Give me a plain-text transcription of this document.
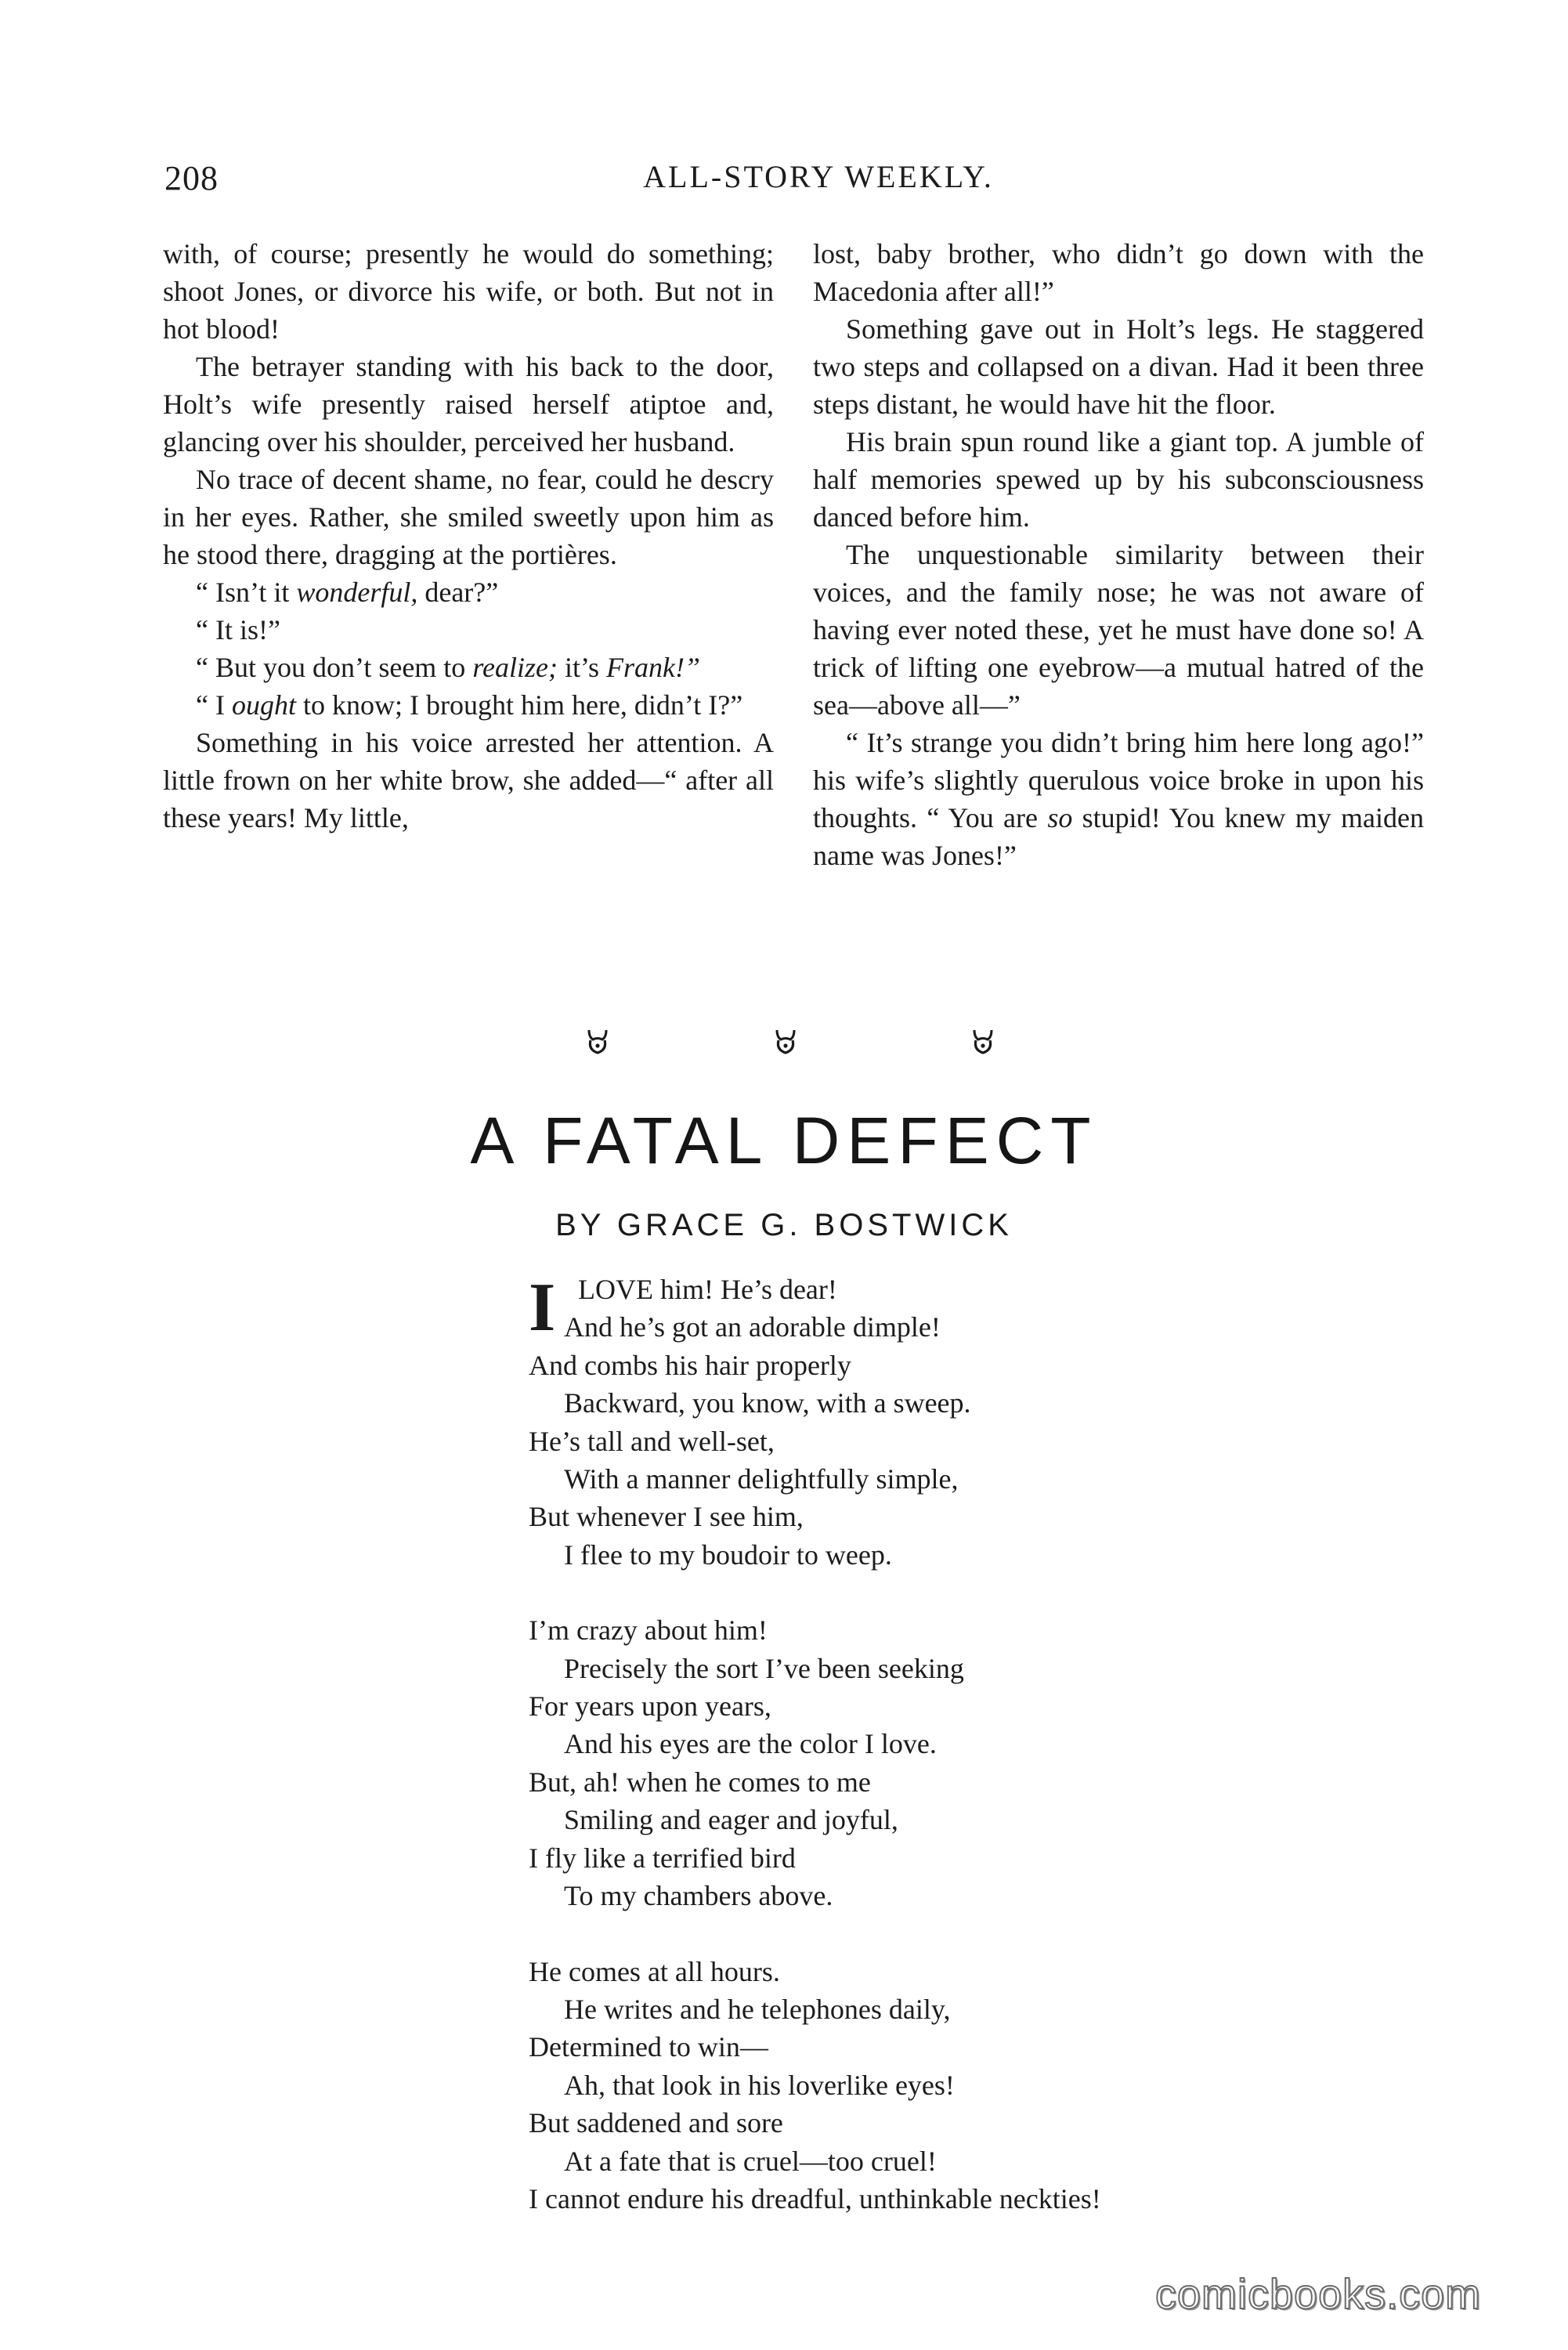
208	ALL-STORY WEEKLY.

with, of course; presently he would do something; shoot Jones, or divorce his wife, or both. But not in hot blood!

The betrayer standing with his back to the door, Holt’s wife presently raised herself atiptoe and, glancing over his shoulder, perceived her husband.

No trace of decent shame, no fear, could he descry in her eyes. Rather, she smiled sweetly upon him as he stood there, dragging at the portières.

“ Isn’t it wonderful, dear?”

“ It is!”

“ But you don’t seem to realize; it’s Frank!”

“ I ought to know; I brought him here, didn’t I?”

Something in his voice arrested her attention. A little frown on her white brow, she added—“ after all these years! My little,

lost, baby brother, who didn’t go down with the Macedonia after all!”

Something gave out in Holt’s legs. He staggered two steps and collapsed on a divan. Had it been three steps distant, he would have hit the floor.

His brain spun round like a giant top. A jumble of half memories spewed up by his subconsciousness danced before him.

The unquestionable similarity between their voices, and the family nose; he was not aware of having ever noted these, yet he must have done so! A trick of lifting one eyebrow—a mutual hatred of the sea—above all—”

“ It’s strange you didn’t bring him here long ago!” his wife’s slightly querulous voice broke in upon his thoughts. “ You are so stupid! You knew my maiden name was Jones!”

A FATAL DEFECT
BY GRACE G. BOSTWICK
I LOVE him! He’s dear!
And he’s got an adorable dimple!
And combs his hair properly
Backward, you know, with a sweep.
He’s tall and well-set,
With a manner delightfully simple,
But whenever I see him,
I flee to my boudoir to weep.
I’m crazy about him!
Precisely the sort I’ve been seeking
For years upon years,
And his eyes are the color I love.
But, ah! when he comes to me
Smiling and eager and joyful,
I fly like a terrified bird
To my chambers above.
He comes at all hours.
He writes and he telephones daily,
Determined to win—
Ah, that look in his loverlike eyes!
But saddened and sore
At a fate that is cruel—too cruel!
I cannot endure his dreadful, unthinkable neckties!
comicbooks.com
